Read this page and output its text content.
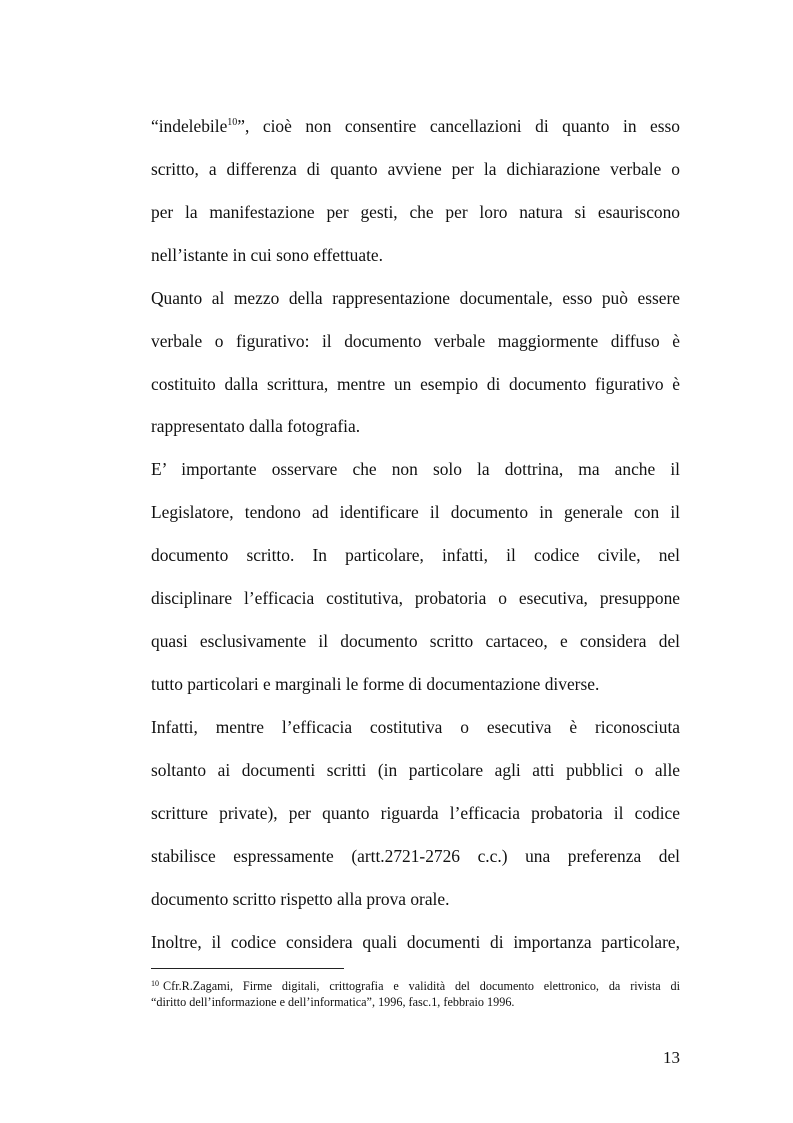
“indelebile$^{10}$”, cioè non consentire cancellazioni di quanto in esso
scritto, a differenza di quanto avviene per la dichiarazione verbale o
per la manifestazione per gesti, che per loro natura si esauriscono
nell’istante in cui sono effettuate.
Quanto al mezzo della rappresentazione documentale, esso può essere
verbale o figurativo: il documento verbale maggiormente diffuso è
costituito dalla scrittura, mentre un esempio di documento figurativo è
rappresentato dalla fotografia.
E’ importante osservare che non solo la dottrina, ma anche il
Legislatore, tendono ad identificare il documento in generale con il
documento scritto. In particolare, infatti, il codice civile, nel
disciplinare l’efficacia costitutiva, probatoria o esecutiva, presuppone
quasi esclusivamente il documento scritto cartaceo, e considera del
tutto particolari e marginali le forme di documentazione diverse.
Infatti, mentre l’efficacia costitutiva o esecutiva è riconosciuta
soltanto ai documenti scritti (in particolare agli atti pubblici o alle
scritture private), per quanto riguarda l’efficacia probatoria il codice
stabilisce espressamente (artt.2721-2726 c.c.) una preferenza del
documento scritto rispetto alla prova orale.
Inoltre, il codice considera quali documenti di importanza particolare,
$^{10}$ Cfr.R.Zagami, Firme digitali, crittografia e validità del documento elettronico, da rivista di
“diritto dell’informazione e dell’informatica”, 1996, fasc.1, febbraio 1996.
13
